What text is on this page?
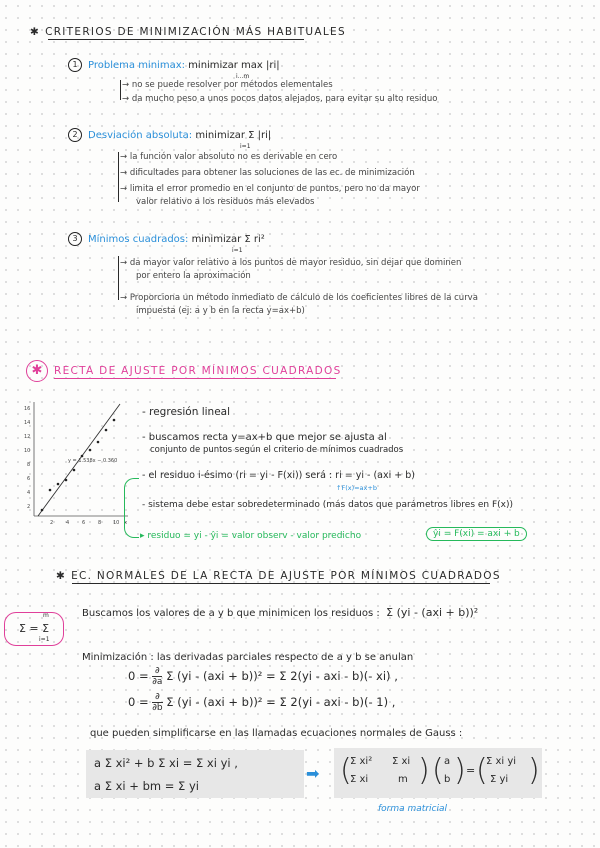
✱ CRITERIOS DE MINIMIZACIÓN MÁS HABITUALES
1 Problema minimax: minimizar max |ri|
i...m
→ no se puede resolver por métodos elementales
→ da mucho peso a unos pocos datos alejados, para evitar su alto residuo
2 Desviación absoluta: minimizar Σ |ri|
i=1
→ la función valor absoluto no es derivable en cero
→ dificultades para obtener las soluciones de las ec. de minimización
→ limita el error promedio en el conjunto de puntos, pero no da mayor
valor relativo a los residuos más elevados
3 Mínimos cuadrados: minimizar Σ ri²
i=1
→ da mayor valor relativo a los puntos de mayor residuo, sin dejar que dominen
por entero la aproximación
→ Proporciona un método inmediato de cálculo de los coeficientes libres de la curva
impuesta (ej: a y b en la recta y=ax+b)
✱	RECTA DE AJUSTE POR MÍNIMOS CUADRADOS
16
14
12
10
8
6
4
2
2	4	6	8 10 x
y = 1.538x − 0.360
- regresión lineal
- buscamos recta y=ax+b que mejor se ajusta al
conjunto de puntos según el criterio de mínimos cuadrados
- el residuo i-ésimo (ri = yi - F(xi)) será : ri = yi - (axi + b)
↑F(x)=ax+b
- sistema debe estar sobredeterminado (más datos que parámetros libres en F(x))
▸ residuo = yi - ŷi = valor observ - valor predicho	ŷi = F(xi) = axi + b
✱ EC. NORMALES DE LA RECTA DE AJUSTE POR MÍNIMOS CUADRADOS
Σ = Σ
m
i=1
Buscamos los valores de a y b que minimicen los residuos : Σ (yi - (axi + b))²
Minimización : las derivadas parciales respecto de a y b se anulan
$0 = \frac{\partial}{\partial a}$ Σ (yi - (axi + b))² = Σ 2(yi - axi - b)(- xi) ,
$0 = \frac{\partial}{\partial b}$ Σ (yi - (axi + b))² = Σ 2(yi - axi - b)(- 1) ,
que pueden simplificarse en las llamadas ecuaciones normales de Gauss :
a Σ xi² + b Σ xi = Σ xi yi ,
a Σ xi + bm = Σ yi
➡ (
Σ xi² Σ xi
Σ xi	m ) ( a
b ) = (
Σ xi yi
Σ yi )
forma matricial
